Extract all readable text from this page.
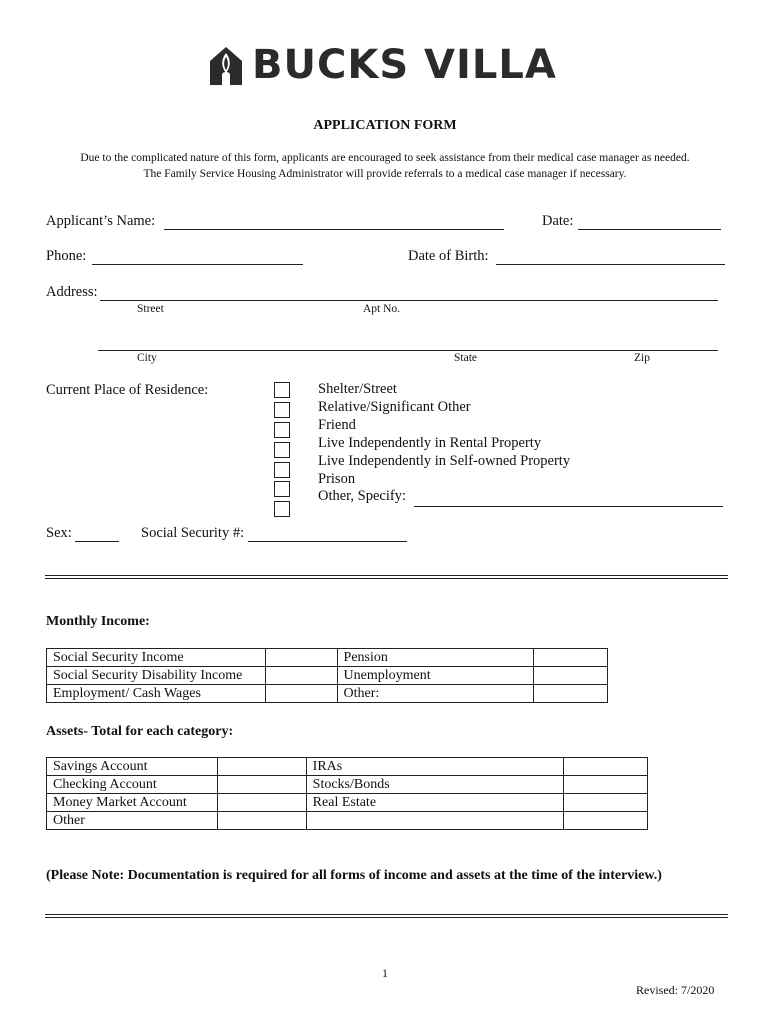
BUCKS VILLA
APPLICATION FORM
Due to the complicated nature of this form, applicants are encouraged to seek assistance from their medical case manager as needed.
The Family Service Housing Administrator will provide referrals to a medical case manager if necessary.
Applicant’s Name:	Date:
Phone:	Date of Birth:
Address:
Street	Apt No.
City	State	Zip
Current Place of Residence:	Shelter/Street
Relative/Significant Other
Friend
Live Independently in Rental Property
Live Independently in Self-owned Property
Prison
Other, Specify:
Sex:	Social Security #:
Monthly Income:
Social Security Income		Pension	
Social Security Disability Income		Unemployment	
Employment/ Cash Wages		Other:	
Assets- Total for each category:
Savings Account		IRAs	
Checking Account		Stocks/Bonds	
Money Market Account		Real Estate	
Other			
(Please Note: Documentation is required for all forms of income and assets at the time of the interview.)
1
Revised: 7/2020
